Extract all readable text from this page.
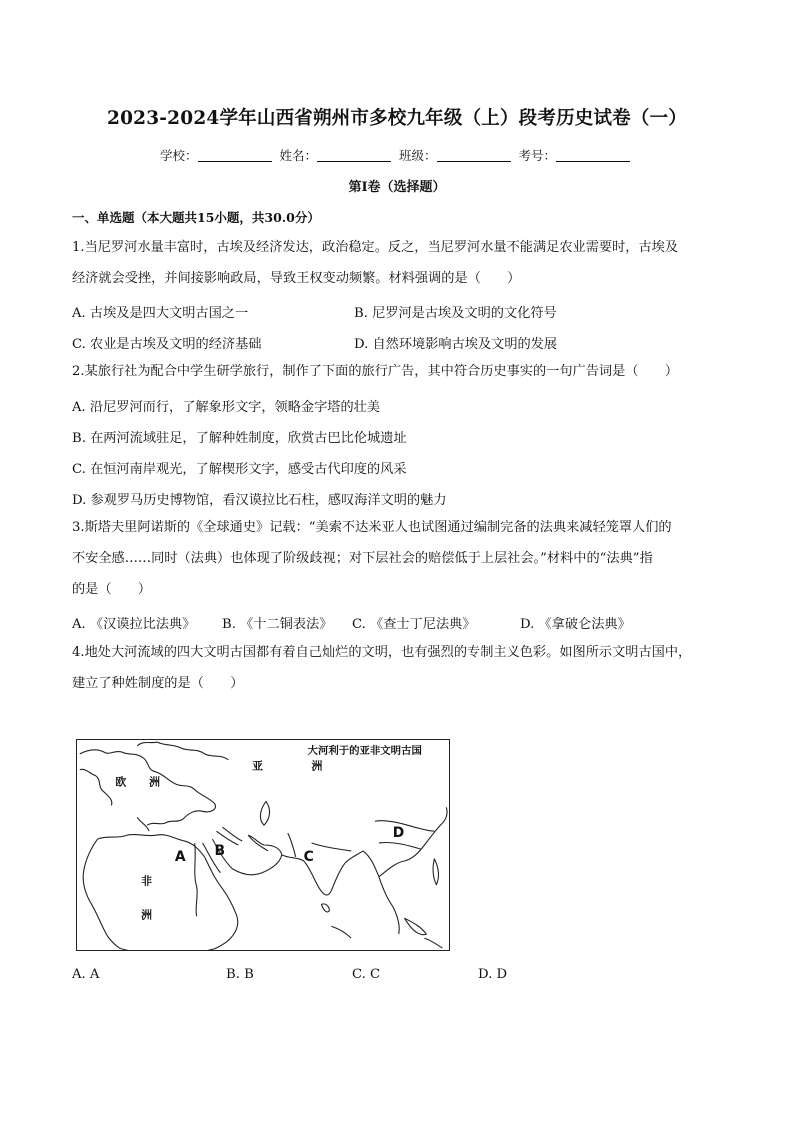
2023-2024学年山西省朔州市多校九年级（上）段考历史试卷（一）
学校：	姓名：	班级：	考号：
第Ⅰ卷（选择题）
一、单选题（本大题共15小题，共30.0分）
1.当尼罗河水量丰富时，古埃及经济发达，政治稳定。反之，当尼罗河水量不能满足农业需要时，古埃及
经济就会受挫，并间接影响政局，导致王权变动频繁。材料强调的是（　　）
A. 古埃及是四大文明古国之一	B. 尼罗河是古埃及文明的文化符号
C. 农业是古埃及文明的经济基础	D. 自然环境影响古埃及文明的发展
2.某旅行社为配合中学生研学旅行，制作了下面的旅行广告，其中符合历史事实的一句广告词是（　　）
A. 沿尼罗河而行，了解象形文字，领略金字塔的壮美
B. 在两河流域驻足，了解种姓制度，欣赏古巴比伦城遗址
C. 在恒河南岸观光，了解楔形文字，感受古代印度的风采
D. 参观罗马历史博物馆，看汉谟拉比石柱，感叹海洋文明的魅力
3.斯塔夫里阿诺斯的《全球通史》记载：“美索不达米亚人也试图通过编制完备的法典来减轻笼罩人们的
不安全感……同时（法典）也体现了阶级歧视；对下层社会的赔偿低于上层社会。”材料中的“法典”指
的是（　　）
A. 《汉谟拉比法典》 B. 《十二铜表法》 C. 《查士丁尼法典》	D. 《拿破仑法典》
4.地处大河流域的四大文明古国都有着自己灿烂的文明，也有强烈的专制主义色彩。如图所示文明古国中，
建立了种姓制度的是（　　）
大河利于的亚非文明古国
欧 洲
亚	洲
非
洲
A B	C
D
A. A	B. B	C. C	D. D
